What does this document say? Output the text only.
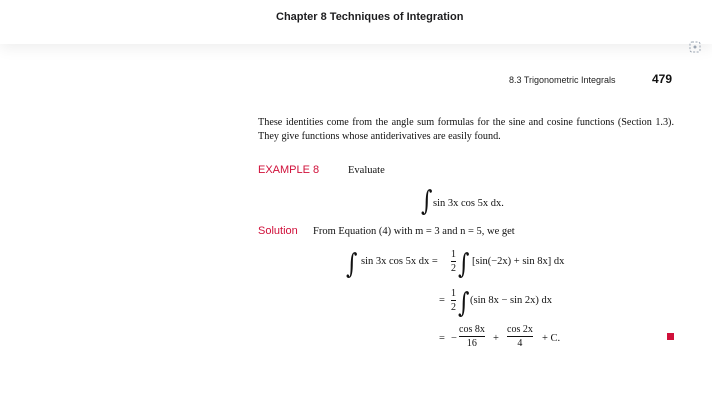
Chapter 8 Techniques of Integration
8.3 Trigonometric Integrals	479
These identities come from the angle sum formulas for the sine and cosine functions (Section 1.3). They give functions whose antiderivatives are easily found.
EXAMPLE 8	Evaluate
∫ sin 3x cos 5x dx.
Solution From Equation (4) with m = 3 and n = 5, we get
∫ sin 3x cos 5x dx =
1
2 ∫ [sin(−2x) + sin 8x] dx
=
1
2 ∫ (sin 8x − sin 2x) dx
= −
cos 8x
16 +
cos 2x
4 + C.
